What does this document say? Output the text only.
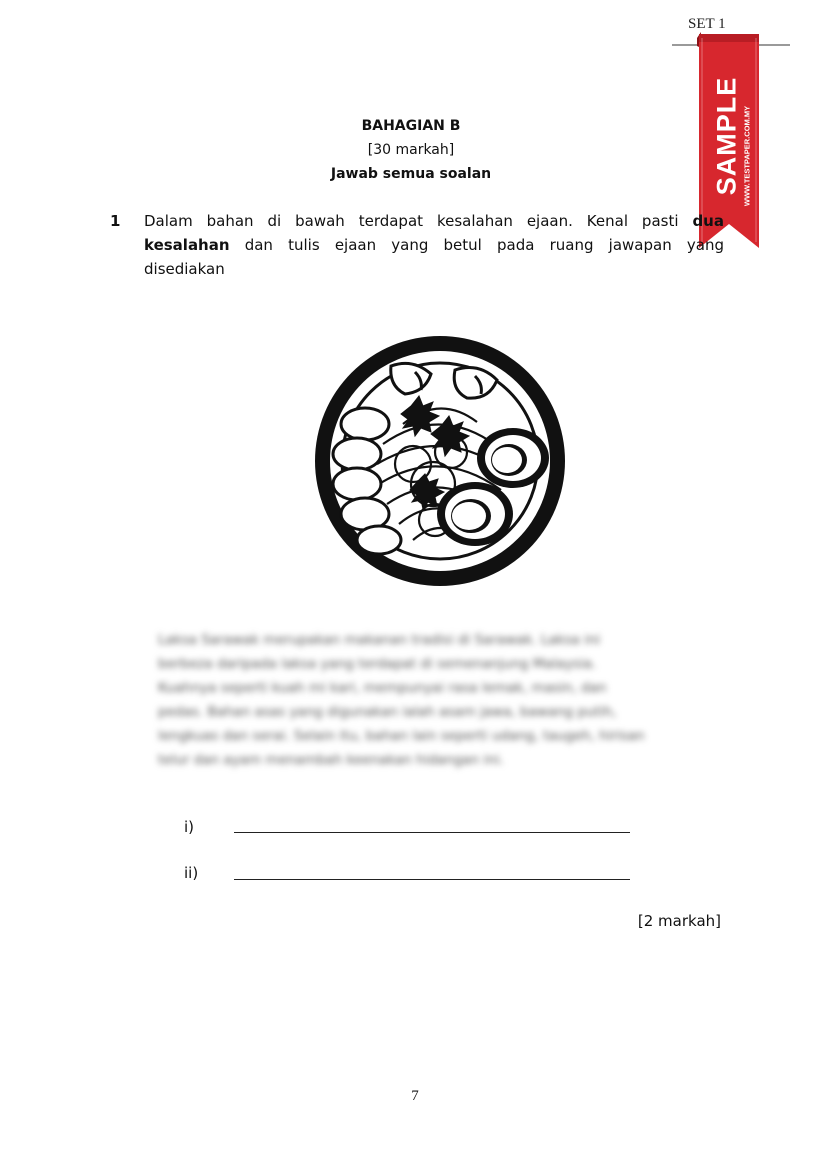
SET 1
SAMPLE WWW.TESTPAPER.COM.MY
BAHAGIAN B
[30 markah]
Jawab semua soalan
1 Dalam bahan di bawah terdapat kesalahan ejaan. Kenal pasti dua
kesalahan dan tulis ejaan yang betul pada ruang jawapan yang
disediakan

Laksa Sarawak merupakan makanan tradisi di Sarawak. Laksa ini

berbeza daripada laksa yang terdapat di semenanjung Malaysia.

Kuahnya seperti kuah mi kari, mempunyai rasa lemak, masin, dan

pedas. Bahan asas yang digunakan ialah asam jawa, bawang putih,

lengkuas dan serai. Selain itu, bahan lain seperti udang, taugeh, hirisan

telur dan ayam menambah keenakan hidangan ini.

i)
ii)
[2 markah]
7
